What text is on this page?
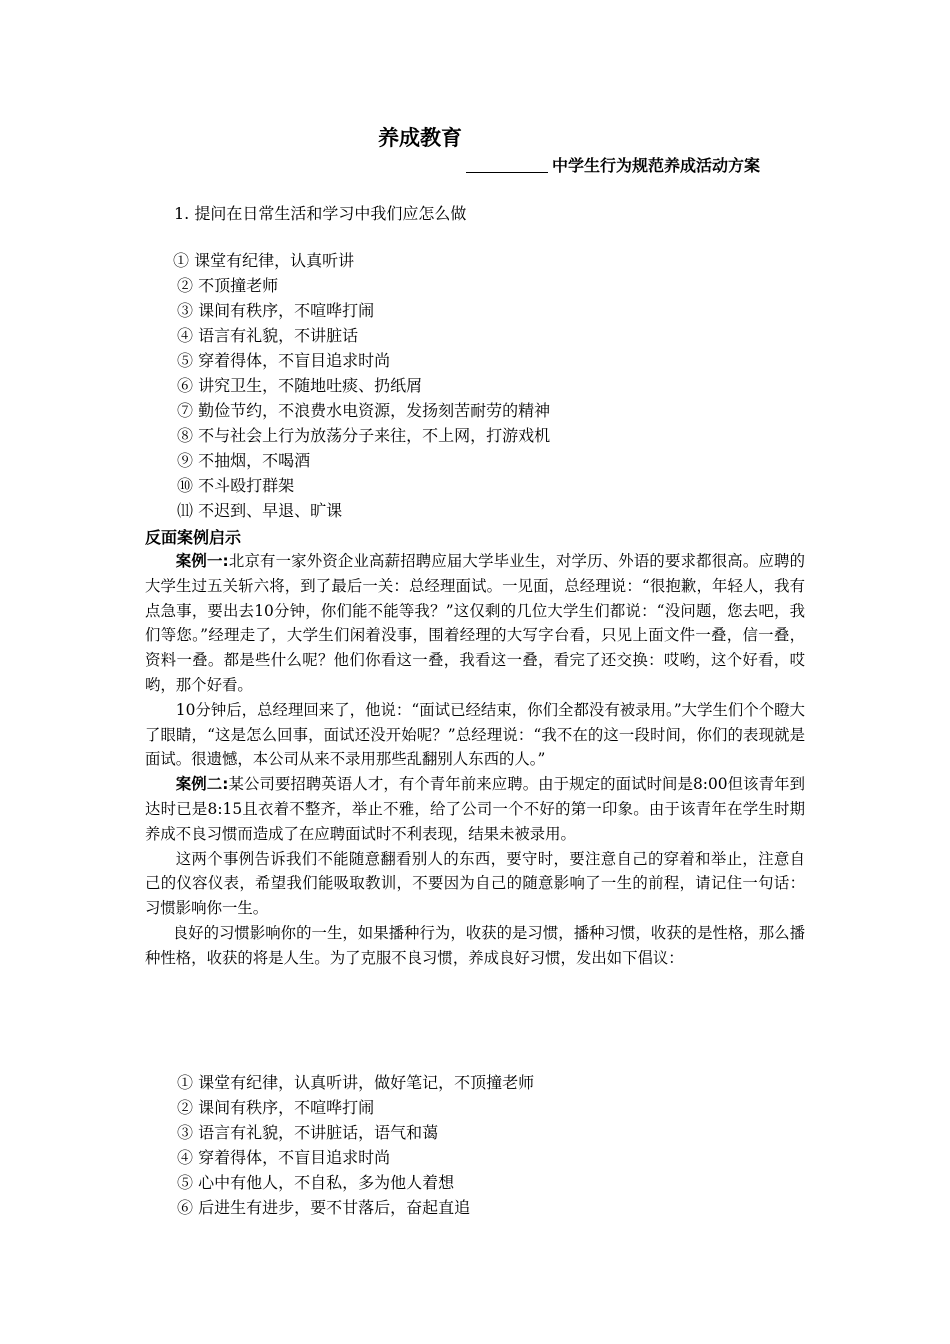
养成教育
中学生行为规范养成活动方案
1. 提问在日常生活和学习中我们应怎么做
① 课堂有纪律，认真听讲
② 不顶撞老师
③ 课间有秩序，不喧哗打闹
④ 语言有礼貌，不讲脏话
⑤ 穿着得体，不盲目追求时尚
⑥ 讲究卫生，不随地吐痰、扔纸屑
⑦ 勤俭节约，不浪费水电资源，发扬刻苦耐劳的精神
⑧ 不与社会上行为放荡分子来往，不上网，打游戏机
⑨ 不抽烟，不喝酒
⑩ 不斗殴打群架
⑾ 不迟到、早退、旷课
反面案例启示

案例一:北京有一家外资企业高薪招聘应届大学毕业生，对学历、外语的要求都很高。应聘的大学生过五关斩六将，到了最后一关：总经理面试。一见面，总经理说：“很抱歉，年轻人，我有点急事，要出去10分钟，你们能不能等我？”这仅剩的几位大学生们都说：“没问题，您去吧，我们等您。”经理走了，大学生们闲着没事，围着经理的大写字台看，只见上面文件一叠，信一叠，资料一叠。都是些什么呢？他们你看这一叠，我看这一叠，看完了还交换：哎哟，这个好看，哎哟，那个好看。

10分钟后，总经理回来了，他说：“面试已经结束，你们全都没有被录用。”大学生们个个瞪大了眼睛，“这是怎么回事，面试还没开始呢？”总经理说：“我不在的这一段时间，你们的表现就是面试。很遗憾，本公司从来不录用那些乱翻别人东西的人。”

案例二:某公司要招聘英语人才，有个青年前来应聘。由于规定的面试时间是8:00但该青年到达时已是8:15且衣着不整齐，举止不雅，给了公司一个不好的第一印象。由于该青年在学生时期养成不良习惯而造成了在应聘面试时不利表现，结果未被录用。

这两个事例告诉我们不能随意翻看别人的东西，要守时，要注意自己的穿着和举止，注意自己的仪容仪表，希望我们能吸取教训，不要因为自己的随意影响了一生的前程，请记住一句话：习惯影响你一生。

良好的习惯影响你的一生，如果播种行为，收获的是习惯，播种习惯，收获的是性格，那么播种性格，收获的将是人生。为了克服不良习惯，养成良好习惯，发出如下倡议：

① 课堂有纪律，认真听讲，做好笔记，不顶撞老师
② 课间有秩序，不喧哗打闹
③ 语言有礼貌，不讲脏话，语气和蔼
④ 穿着得体，不盲目追求时尚
⑤ 心中有他人，不自私，多为他人着想
⑥ 后进生有进步，要不甘落后，奋起直追
